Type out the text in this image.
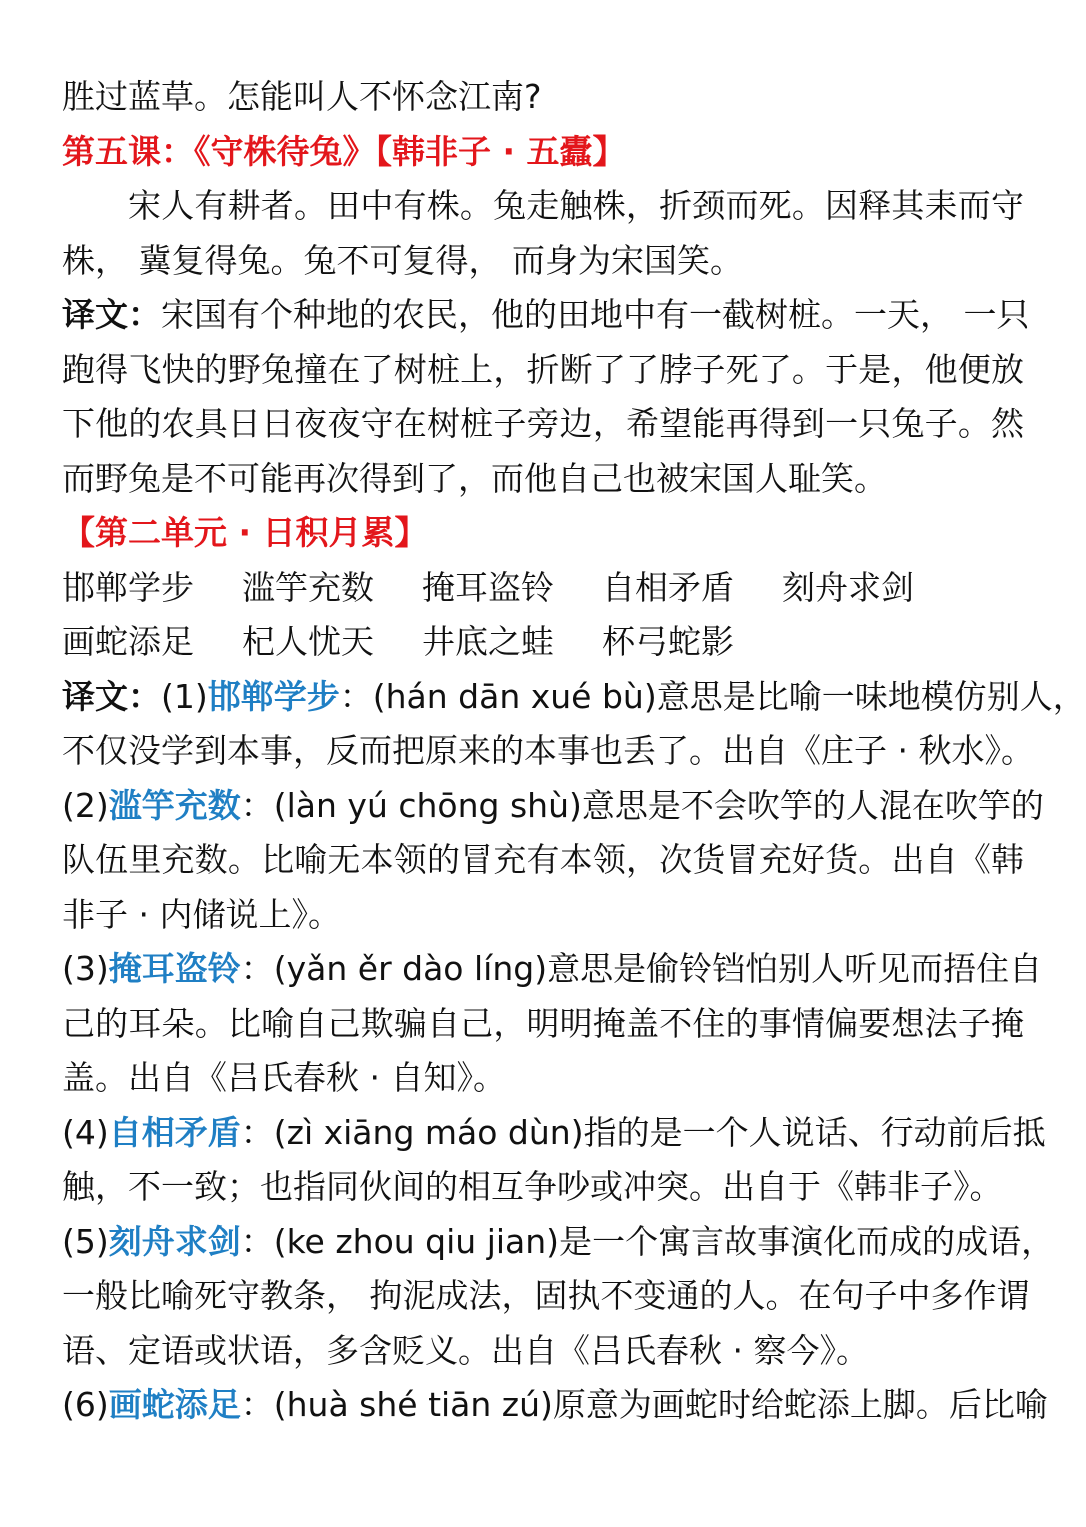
胜过蓝草。怎能叫人不怀念江南?
第五课：《守株待兔》【韩非子 · 五蠹】
宋人有耕者。田中有株。兔走触株，折颈而死。因释其耒而守
株， 冀复得兔。兔不可复得， 而身为宋国笑。
译文：宋国有个种地的农民，他的田地中有一截树桩。一天， 一只
跑得飞快的野兔撞在了树桩上，折断了了脖子死了。于是，他便放
下他的农具日日夜夜守在树桩子旁边，希望能再得到一只兔子。然
而野兔是不可能再次得到了，而他自己也被宋国人耻笑。
【第二单元 · 日积月累】
邯郸学步	滥竽充数	掩耳盗铃	自相矛盾	刻舟求剑
画蛇添足	杞人忧天	井底之蛙	杯弓蛇影
译文：(1)邯郸学步：(hán dān xué bù)意思是比喻一味地模仿别人，
不仅没学到本事，反而把原来的本事也丢了。出自《庄子 · 秋水》。
(2)滥竽充数：(làn yú chōng shù)意思是不会吹竽的人混在吹竽的
队伍里充数。比喻无本领的冒充有本领，次货冒充好货。出自《韩
非子 · 内储说上》。
(3)掩耳盗铃：(yǎn ěr dào líng)意思是偷铃铛怕别人听见而捂住自
己的耳朵。比喻自己欺骗自己，明明掩盖不住的事情偏要想法子掩
盖。出自《吕氏春秋 · 自知》。
(4)自相矛盾：(zì xiāng máo dùn)指的是一个人说话、行动前后抵
触，不一致；也指同伙间的相互争吵或冲突。出自于《韩非子》。
(5)刻舟求剑：(ke zhou qiu jian)是一个寓言故事演化而成的成语，
一般比喻死守教条， 拘泥成法，固执不变通的人。在句子中多作谓
语、定语或状语，多含贬义。出自《吕氏春秋 · 察今》。
(6)画蛇添足：(huà shé tiān zú)原意为画蛇时给蛇添上脚。后比喻
